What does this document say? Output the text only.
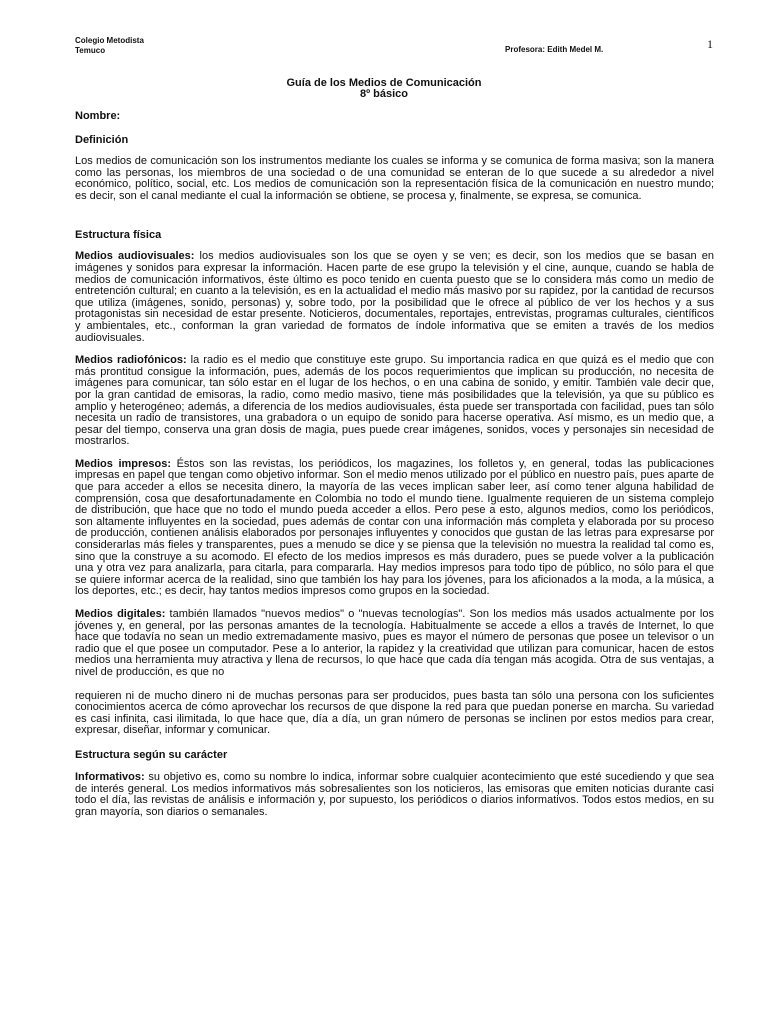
Colegio Metodista
Temuco	Profesora: Edith Medel M.	1
Guía de los Medios de Comunicación
8º básico

Nombre:

Definición

Los medios de comunicación son los instrumentos mediante los cuales se informa y se comunica de forma masiva; son la manera como las personas, los miembros de una sociedad o de una comunidad se enteran de lo que sucede a su alrededor a nivel económico, político, social, etc. Los medios de comunicación son la representación física de la comunicación en nuestro mundo; es decir, son el canal mediante el cual la información se obtiene, se procesa y, finalmente, se expresa, se comunica.

Estructura física

Medios audiovisuales: los medios audiovisuales son los que se oyen y se ven; es decir, son los medios que se basan en imágenes y sonidos para expresar la información. Hacen parte de ese grupo la televisión y el cine, aunque, cuando se habla de medios de comunicación informativos, éste último es poco tenido en cuenta puesto que se lo considera más como un medio de entretención cultural; en cuanto a la televisión, es en la actualidad el medio más masivo por su rapidez, por la cantidad de recursos que utiliza (imágenes, sonido, personas) y, sobre todo, por la posibilidad que le ofrece al público de ver los hechos y a sus protagonistas sin necesidad de estar presente. Noticieros, documentales, reportajes, entrevistas, programas culturales, científicos y ambientales, etc., conforman la gran variedad de formatos de índole informativa que se emiten a través de los medios audiovisuales.

Medios radiofónicos: la radio es el medio que constituye este grupo. Su importancia radica en que quizá es el medio que con más prontitud consigue la información, pues, además de los pocos requerimientos que implican su producción, no necesita de imágenes para comunicar, tan sólo estar en el lugar de los hechos, o en una cabina de sonido, y emitir. También vale decir que, por la gran cantidad de emisoras, la radio, como medio masivo, tiene más posibilidades que la televisión, ya que su público es amplio y heterogéneo; además, a diferencia de los medios audiovisuales, ésta puede ser transportada con facilidad, pues tan sólo necesita un radio de transistores, una grabadora o un equipo de sonido para hacerse operativa. Así mismo, es un medio que, a pesar del tiempo, conserva una gran dosis de magia, pues puede crear imágenes, sonidos, voces y personajes sin necesidad de mostrarlos.

Medios impresos: Éstos son las revistas, los periódicos, los magazines, los folletos y, en general, todas las publicaciones impresas en papel que tengan como objetivo informar. Son el medio menos utilizado por el público en nuestro país, pues aparte de que para acceder a ellos se necesita dinero, la mayoría de las veces implican saber leer, así como tener alguna habilidad de comprensión, cosa que desafortunadamente en Colombia no todo el mundo tiene. Igualmente requieren de un sistema complejo de distribución, que hace que no todo el mundo pueda acceder a ellos. Pero pese a esto, algunos medios, como los periódicos, son altamente influyentes en la sociedad, pues además de contar con una información más completa y elaborada por su proceso de producción, contienen análisis elaborados por personajes influyentes y conocidos que gustan de las letras para expresarse por considerarlas más fieles y transparentes, pues a menudo se dice y se piensa que la televisión no muestra la realidad tal como es, sino que la construye a su acomodo. El efecto de los medios impresos es más duradero, pues se puede volver a la publicación una y otra vez para analizarla, para citarla, para compararla. Hay medios impresos para todo tipo de público, no sólo para el que se quiere informar acerca de la realidad, sino que también los hay para los jóvenes, para los aficionados a la moda, a la música, a los deportes, etc.; es decir, hay tantos medios impresos como grupos en la sociedad.

Medios digitales: también llamados "nuevos medios" o "nuevas tecnologías". Son los medios más usados actualmente por los jóvenes y, en general, por las personas amantes de la tecnología. Habitualmente se accede a ellos a través de Internet, lo que hace que todavía no sean un medio extremadamente masivo, pues es mayor el número de personas que posee un televisor o un radio que el que posee un computador. Pese a lo anterior, la rapidez y la creatividad que utilizan para comunicar, hacen de estos medios una herramienta muy atractiva y llena de recursos, lo que hace que cada día tengan más acogida. Otra de sus ventajas, a nivel de producción, es que no

requieren ni de mucho dinero ni de muchas personas para ser producidos, pues basta tan sólo una persona con los suficientes conocimientos acerca de cómo aprovechar los recursos de que dispone la red para que puedan ponerse en marcha. Su variedad es casi infinita, casi ilimitada, lo que hace que, día a día, un gran número de personas se inclinen por estos medios para crear, expresar, diseñar, informar y comunicar.

Estructura según su carácter

Informativos: su objetivo es, como su nombre lo indica, informar sobre cualquier acontecimiento que esté sucediendo y que sea de interés general. Los medios informativos más sobresalientes son los noticieros, las emisoras que emiten noticias durante casi todo el día, las revistas de análisis e información y, por supuesto, los periódicos o diarios informativos. Todos estos medios, en su gran mayoría, son diarios o semanales.
